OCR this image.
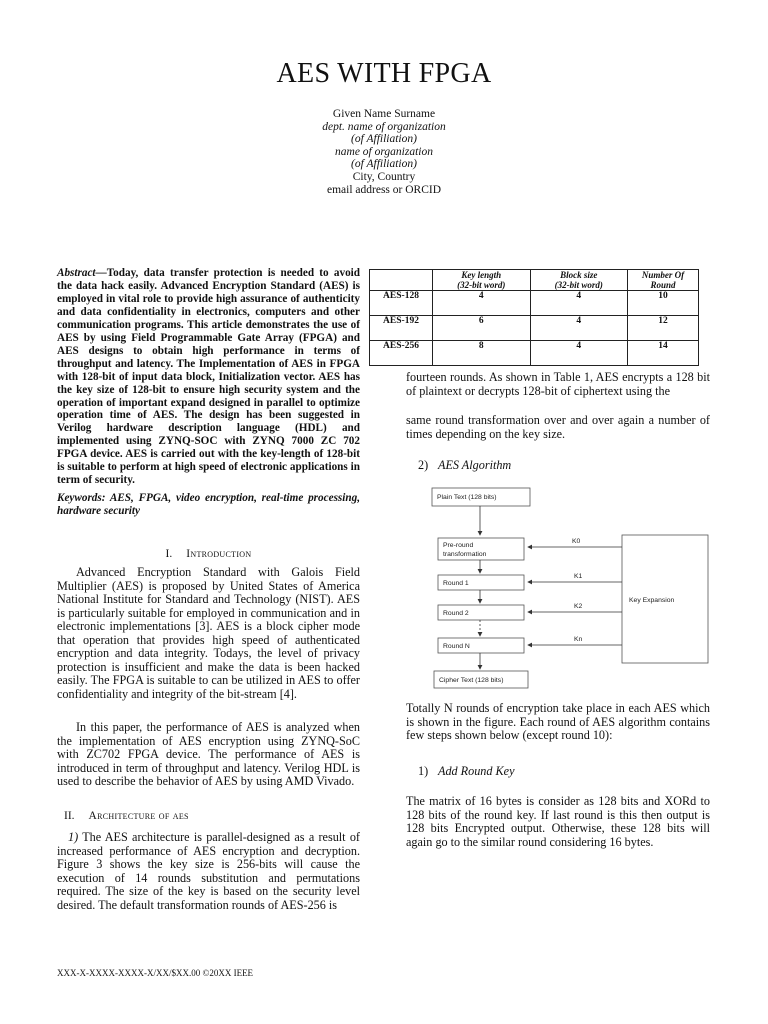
AES WITH FPGA
Given Name Surname
dept. name of organization
(of Affiliation)
name of organization
(of Affiliation)
City, Country
email address or ORCID
Abstract—Today, data transfer protection is needed to avoid the data hack easily. Advanced Encryption Standard (AES) is employed in vital role to provide high assurance of authenticity and data confidentiality in electronics, computers and other communication programs. This article demonstrates the use of AES by using Field Programmable Gate Array (FPGA) and AES designs to obtain high performance in terms of throughput and latency. The Implementation of AES in FPGA with 128-bit of input data block, Initialization vector. AES has the key size of 128-bit to ensure high security system and the operation of important expand designed in parallel to optimize operation time of AES. The design has been suggested in Verilog hardware description language (HDL) and implemented using ZYNQ-SOC with ZYNQ 7000 ZC 702 FPGA device. AES is carried out with the key-length of 128-bit is suitable to perform at high speed of electronic applications in term of security.
Keywords: AES, FPGA, video encryption, real-time processing, hardware security
I. Introduction
Advanced Encryption Standard with Galois Field Multiplier (AES) is proposed by United States of America National Institute for Standard and Technology (NIST). AES is particularly suitable for employed in communication and in electronic implementations [3]. AES is a block cipher mode that operation that provides high speed of authenticated encryption and data integrity. Todays, the level of privacy protection is insufficient and make the data is been hacked easily. The FPGA is suitable to can be utilized in AES to offer confidentiality and integrity of the bit-stream [4].
In this paper, the performance of AES is analyzed when the implementation of AES encryption using ZYNQ-SoC with ZC702 FPGA device. The performance of AES is introduced in term of throughput and latency. Verilog HDL is used to describe the behavior of AES by using AMD Vivado.
II. Architecture of aes
1) The AES architecture is parallel-designed as a result of increased performance of AES encryption and decryption. Figure 3 shows the key size is 256-bits will cause the execution of 14 rounds substitution and permutations required. The size of the key is based on the security level desired. The default transformation rounds of AES-256 is
	Key length
(32-bit word)	Block size
(32-bit word)	Number Of
Round
AES-128	4	4	10
AES-192	6	4	12
AES-256	8	4	14
fourteen rounds. As shown in Table 1, AES encrypts a 128 bit of plaintext or decrypts 128-bit of ciphertext using the
same round transformation over and over again a number of times depending on the key size.
2) AES Algorithm
Plain Text (128 bits)
Pre-round
transformation
Round 1
Round 2
Round N
Cipher Text (128 bits)
Key Expansion
K0
K1
K2
Kn
Totally N rounds of encryption take place in each AES which is shown in the figure. Each round of AES algorithm contains few steps shown below (except round 10):
1) Add Round Key
The matrix of 16 bytes is consider as 128 bits and XORd to 128 bits of the round key. If last round is this then output is 128 bits Encrypted output. Otherwise, these 128 bits will again go to the similar round considering 16 bytes.
XXX-X-XXXX-XXXX-X/XX/$XX.00 ©20XX IEEE
